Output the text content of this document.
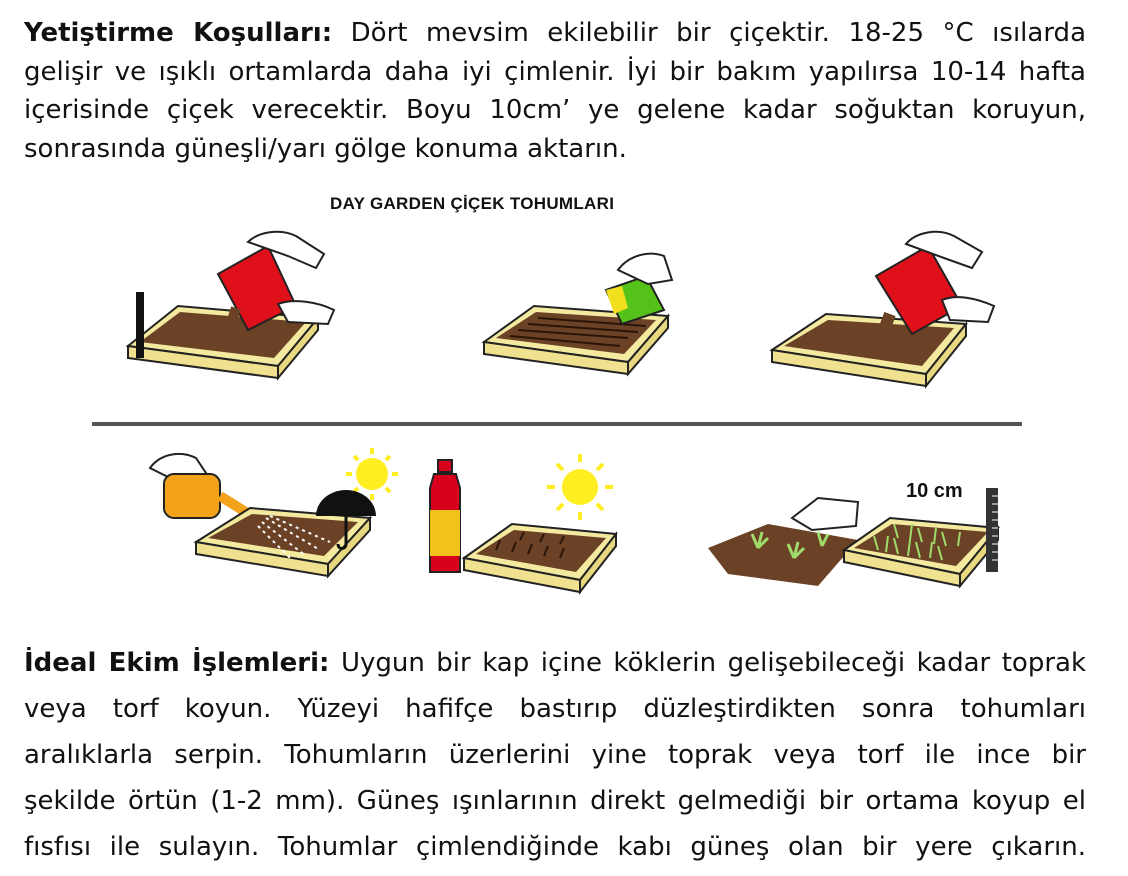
Yetiştirme Koşulları: Dört mevsim ekilebilir bir çiçektir. 18-25 °C ısılarda
gelişir ve ışıklı ortamlarda daha iyi çimlenir. İyi bir bakım yapılırsa 10-14 hafta
içerisinde çiçek verecektir. Boyu 10cm’ ye gelene kadar soğuktan koruyun,
sonrasında güneşli/yarı gölge konuma aktarın.
DAY GARDEN ÇİÇEK TOHUMLARI
10 cm
İdeal Ekim İşlemleri: Uygun bir kap içine köklerin gelişebileceği kadar toprak
veya torf koyun. Yüzeyi hafifçe bastırıp düzleştirdikten sonra tohumları
aralıklarla serpin. Tohumların üzerlerini yine toprak veya torf ile ince bir
şekilde örtün (1-2 mm). Güneş ışınlarının direkt gelmediği bir ortama koyup el
fısfısı ile sulayın. Tohumlar çimlendiğinde kabı güneş olan bir yere çıkarın.
